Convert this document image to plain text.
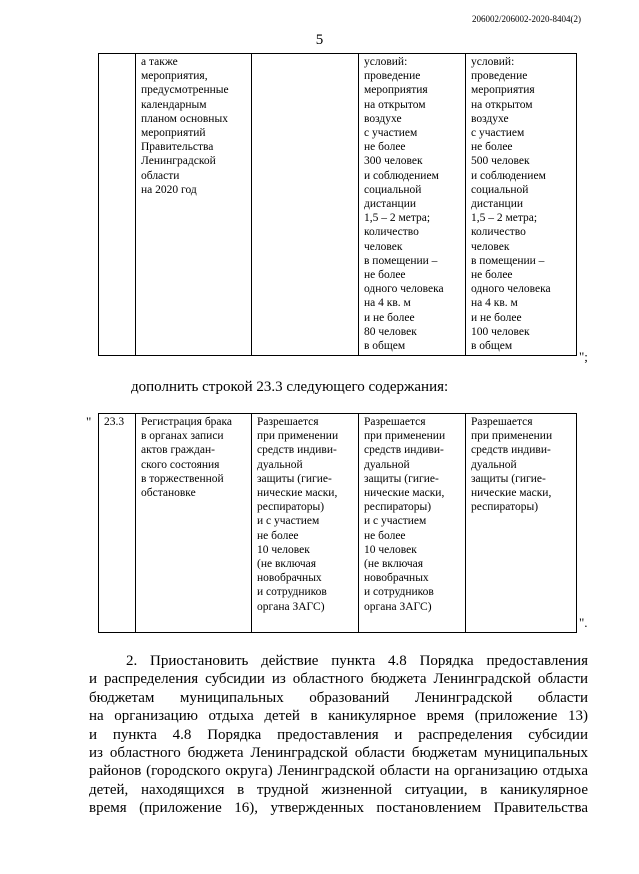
206002/206002-2020-8404(2)
5
	а также
мероприятия,
предусмотренные
календарным
планом основных
мероприятий
Правительства
Ленинградской
области
на 2020 год		условий:
проведение
мероприятия
на открытом
воздухе
с участием
не более
300 человек
и соблюдением
социальной
дистанции
1,5 – 2 метра;
количество
человек
в помещении –
не более
одного человека
на 4 кв. м
и не более
80 человек
в общем	условий:
проведение
мероприятия
на открытом
воздухе
с участием
не более
500 человек
и соблюдением
социальной
дистанции
1,5 – 2 метра;
количество
человек
в помещении –
не более
одного человека
на 4 кв. м
и не более
100 человек
в общем
";
дополнить строкой 23.3 следующего содержания:
" 23.3	Регистрация брака
в органах записи
актов граждан-
ского состояния
в торжественной
обстановке	Разрешается
при применении
средств индиви-
дуальной
защиты (гигие-
нические маски,
респираторы)
и с участием
не более
10 человек
(не включая
новобрачных
и сотрудников
органа ЗАГС)	Разрешается
при применении
средств индиви-
дуальной
защиты (гигие-
нические маски,
респираторы)
и с участием
не более
10 человек
(не включая
новобрачных
и сотрудников
органа ЗАГС)	Разрешается
при применении
средств индиви-
дуальной
защиты (гигие-
нические маски,
респираторы)
".
2. Приостановить действие пункта 4.8 Порядка предоставления
и распределения субсидии из областного бюджета Ленинградской области
бюджетам муниципальных образований Ленинградской области
на организацию отдыха детей в каникулярное время (приложение 13)
и пункта 4.8 Порядка предоставления и распределения субсидии
из областного бюджета Ленинградской области бюджетам муниципальных
районов (городского округа) Ленинградской области на организацию отдыха
детей, находящихся в трудной жизненной ситуации, в каникулярное
время (приложение 16), утвержденных постановлением Правительства
